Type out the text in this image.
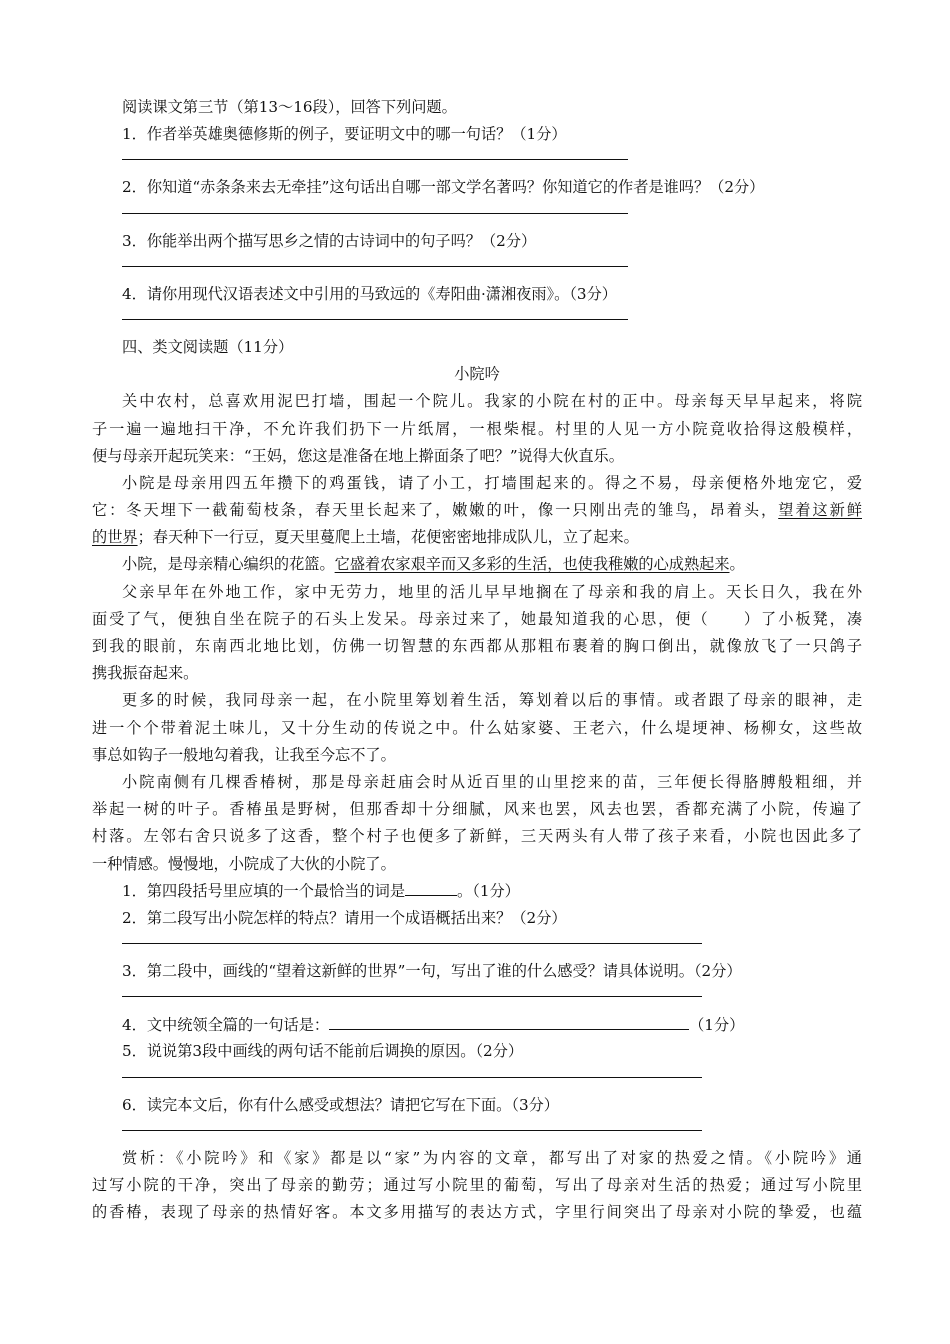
阅读课文第三节（第13～16段），回答下列问题。
1．作者举英雄奥德修斯的例子，要证明文中的哪一句话？（1分）
2．你知道“赤条条来去无牵挂”这句话出自哪一部文学名著吗？你知道它的作者是谁吗？（2分）
3．你能举出两个描写思乡之情的古诗词中的句子吗？（2分）
4．请你用现代汉语表述文中引用的马致远的《寿阳曲·潇湘夜雨》。（3分）
四、类文阅读题（11分）
小院吟
关中农村，总喜欢用泥巴打墙，围起一个院儿。我家的小院在村的正中。母亲每天早早起来，将院
子一遍一遍地扫干净，不允许我们扔下一片纸屑，一根柴棍。村里的人见一方小院竟收拾得这般模样，
便与母亲开起玩笑来：“王妈，您这是准备在地上擀面条了吧？”说得大伙直乐。
小院是母亲用四五年攒下的鸡蛋钱，请了小工，打墙围起来的。得之不易，母亲便格外地宠它，爱
它：冬天埋下一截葡萄枝条，春天里长起来了，嫩嫩的叶，像一只刚出壳的雏鸟，昂着头，望着这新鲜
的世界；春天种下一行豆，夏天里蔓爬上土墙，花便密密地排成队儿，立了起来。
小院，是母亲精心编织的花篮。它盛着农家艰辛而又多彩的生活，也使我稚嫩的心成熟起来。
父亲早年在外地工作，家中无劳力，地里的活儿早早地搁在了母亲和我的肩上。天长日久，我在外
面受了气，便独自坐在院子的石头上发呆。母亲过来了，她最知道我的心思，便（　　）了小板凳，凑
到我的眼前，东南西北地比划，仿佛一切智慧的东西都从那粗布裹着的胸口倒出，就像放飞了一只鸽子
携我振奋起来。
更多的时候，我同母亲一起，在小院里筹划着生活，筹划着以后的事情。或者跟了母亲的眼神，走
进一个个带着泥土味儿，又十分生动的传说之中。什么姑家婆、王老六，什么堤埂神、杨柳女，这些故
事总如钩子一般地勾着我，让我至今忘不了。
小院南侧有几棵香椿树，那是母亲赶庙会时从近百里的山里挖来的苗，三年便长得胳膊般粗细，并
举起一树的叶子。香椿虽是野树，但那香却十分细腻，风来也罢，风去也罢，香都充满了小院，传遍了
村落。左邻右舍只说多了这香，整个村子也便多了新鲜，三天两头有人带了孩子来看，小院也因此多了
一种情感。慢慢地，小院成了大伙的小院了。
1．第四段括号里应填的一个最恰当的词是	。（1分）
2．第二段写出小院怎样的特点？请用一个成语概括出来？（2分）
3．第二段中，画线的“望着这新鲜的世界”一句，写出了谁的什么感受？请具体说明。（2分）
4．文中统领全篇的一句话是：	（1分）
5．说说第3段中画线的两句话不能前后调换的原因。（2分）
6．读完本文后，你有什么感受或想法？请把它写在下面。（3分）
赏析：《小院吟》和《家》都是以“家”为内容的文章，都写出了对家的热爱之情。《小院吟》通
过写小院的干净，突出了母亲的勤劳；通过写小院里的葡萄，写出了母亲对生活的热爱；通过写小院里
的香椿，表现了母亲的热情好客。本文多用描写的表达方式，字里行间突出了母亲对小院的挚爱，也蕴
